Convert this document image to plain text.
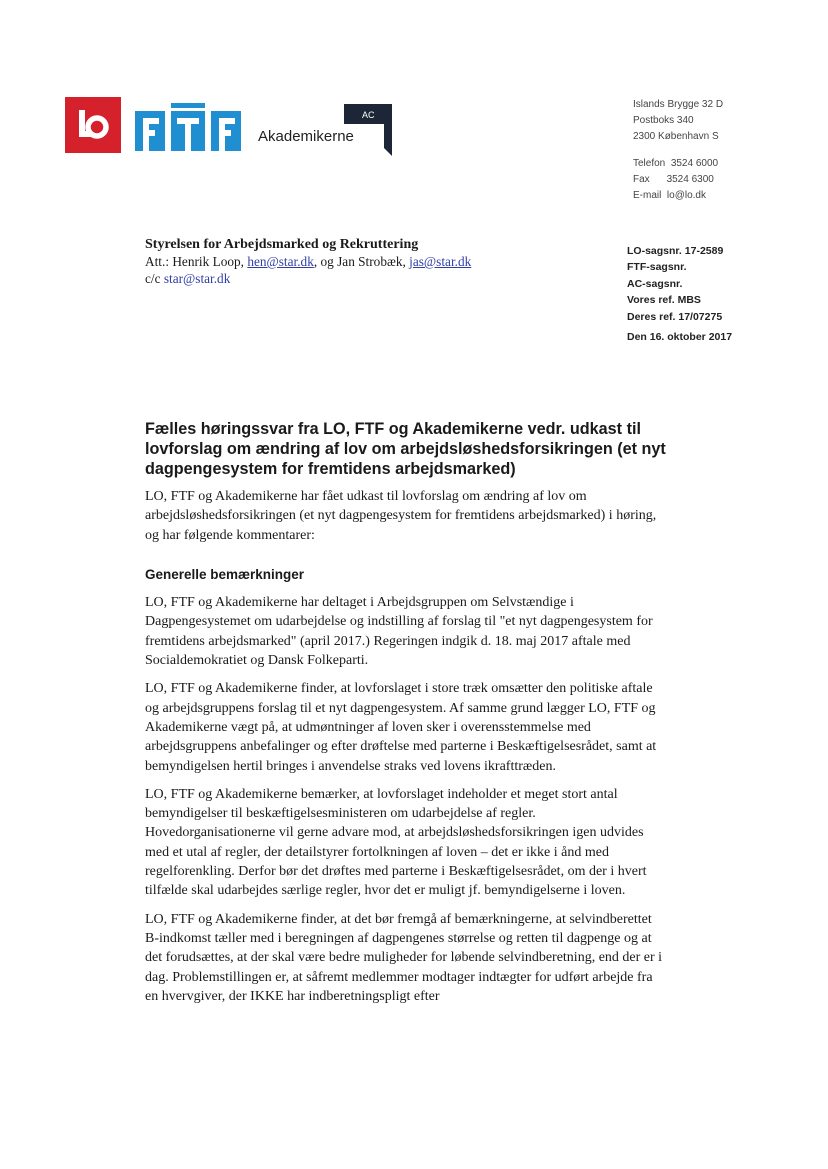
Akademikerne
AC
Islands Brygge 32 D
Postboks 340
2300 København S
Telefon 3524 6000
Fax 3524 6300
E-mail lo@lo.dk
Styrelsen for Arbejdsmarked og Rekruttering
Att.: Henrik Loop, hen@star.dk, og Jan Strobæk, jas@star.dk
c/c star@star.dk
LO-sagsnr. 17-2589
FTF-sagsnr.
AC-sagsnr.
Vores ref. MBS
Deres ref. 17/07275
Den 16. oktober 2017
Fælles høringssvar fra LO, FTF og Akademikerne vedr. udkast til lovforslag om ændring af lov om arbejdsløshedsforsikringen (et nyt dagpengesystem for fremtidens arbejdsmarked)

LO, FTF og Akademikerne har fået udkast til lovforslag om ændring af lov om arbejdsløshedsforsikringen (et nyt dagpengesystem for fremtidens arbejdsmarked) i høring, og har følgende kommentarer:

Generelle bemærkninger

LO, FTF og Akademikerne har deltaget i Arbejdsgruppen om Selvstændige i Dagpengesystemet om udarbejdelse og indstilling af forslag til "et nyt dagpengesystem for fremtidens arbejdsmarked" (april 2017.) Regeringen indgik d. 18. maj 2017 aftale med Socialdemokratiet og Dansk Folkeparti.

LO, FTF og Akademikerne finder, at lovforslaget i store træk omsætter den politiske aftale og arbejdsgruppens forslag til et nyt dagpengesystem. Af samme grund lægger LO, FTF og Akademikerne vægt på, at udmøntninger af loven sker i overensstemmelse med arbejdsgruppens anbefalinger og efter drøftelse med parterne i Beskæftigelsesrådet, samt at bemyndigelsen hertil bringes i anvendelse straks ved lovens ikrafttræden.

LO, FTF og Akademikerne bemærker, at lovforslaget indeholder et meget stort antal bemyndigelser til beskæftigelsesministeren om udarbejdelse af regler. Hovedorganisationerne vil gerne advare mod, at arbejdsløshedsforsikringen igen udvides med et utal af regler, der detailstyrer fortolkningen af loven – det er ikke i ånd med regelforenkling. Derfor bør det drøftes med parterne i Beskæftigelsesrådet, om der i hvert tilfælde skal udarbejdes særlige regler, hvor det er muligt jf. bemyndigelserne i loven.

LO, FTF og Akademikerne finder, at det bør fremgå af bemærkningerne, at selvindberettet B-indkomst tæller med i beregningen af dagpengenes størrelse og retten til dagpenge og at det forudsættes, at der skal være bedre muligheder for løbende selvindberetning, end der er i dag. Problemstillingen er, at såfremt medlemmer modtager indtægter for udført arbejde fra en hvervgiver, der IKKE har indberetningspligt efter
